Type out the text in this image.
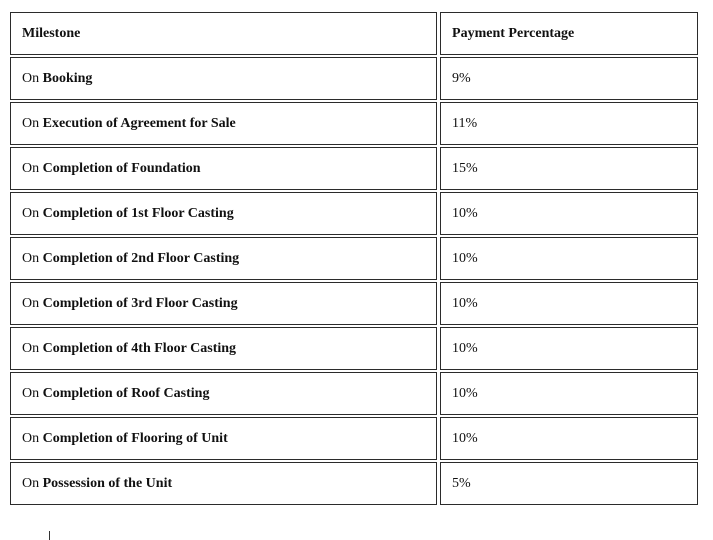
Milestone	Payment Percentage
On Booking	9%
On Execution of Agreement for Sale	11%
On Completion of Foundation	15%
On Completion of 1st Floor Casting	10%
On Completion of 2nd Floor Casting	10%
On Completion of 3rd Floor Casting	10%
On Completion of 4th Floor Casting	10%
On Completion of Roof Casting	10%
On Completion of Flooring of Unit	10%
On Possession of the Unit	5%
